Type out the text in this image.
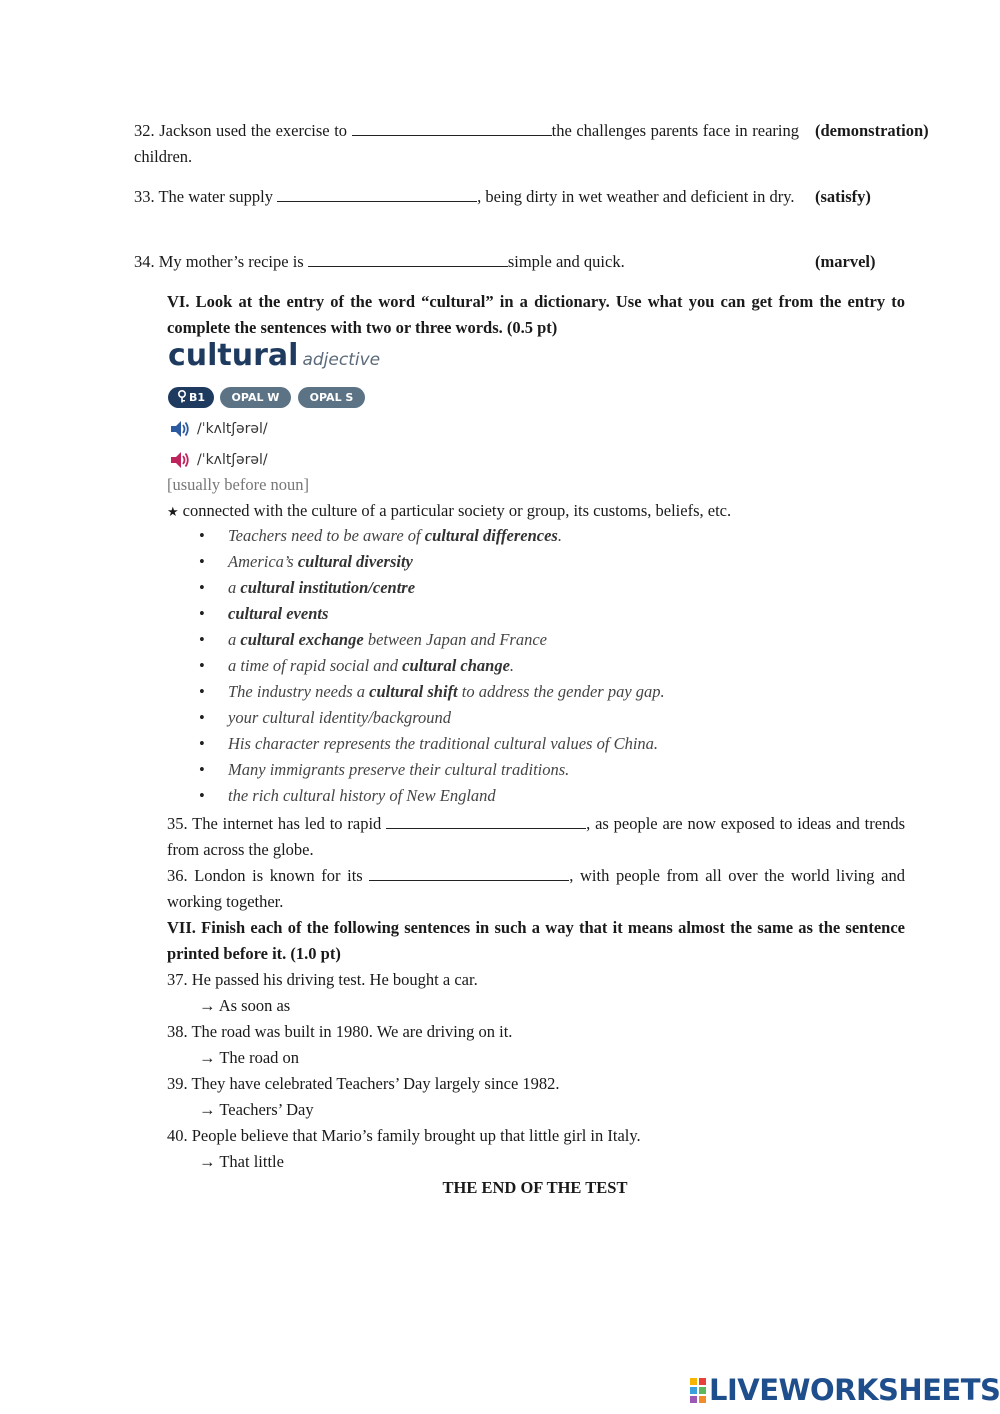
32. Jackson used the exercise to	the challenges parents face in rearing children.
(demonstration)
33. The water supply	, being dirty in wet weather and deficient in dry. (satisfy)
34. My mother’s recipe is	simple and quick.	(marvel)
VI. Look at the entry of the word “cultural” in a dictionary. Use what you can get from the entry to complete the sentences with two or three words. (0.5 pt)
cultural adjective
B1	OPAL W	OPAL S
/ˈkʌltʃərəl/
/ˈkʌltʃərəl/
[usually before noun]
★ connected with the culture of a particular society or group, its customs, beliefs, etc.
• Teachers need to be aware of cultural differences.
• America’s cultural diversity
• a cultural institution/centre
• cultural events
• a cultural exchange between Japan and France
• a time of rapid social and cultural change.
• The industry needs a cultural shift to address the gender pay gap.
• your cultural identity/background
• His character represents the traditional cultural values of China.
• Many immigrants preserve their cultural traditions.
• the rich cultural history of New England
35. The internet has led to rapid	, as people are now exposed to ideas and trends from across the globe.
36. London is known for its	, with people from all over the world living and working together.
VII. Finish each of the following sentences in such a way that it means almost the same as the sentence printed before it. (1.0 pt)
37. He passed his driving test. He bought a car.
→ As soon as
38. The road was built in 1980. We are driving on it.
→ The road on
39. They have celebrated Teachers’ Day largely since 1982.
→ Teachers’ Day
40. People believe that Mario’s family brought up that little girl in Italy.
→ That little
THE END OF THE TEST
LIVEWORKSHEETS
